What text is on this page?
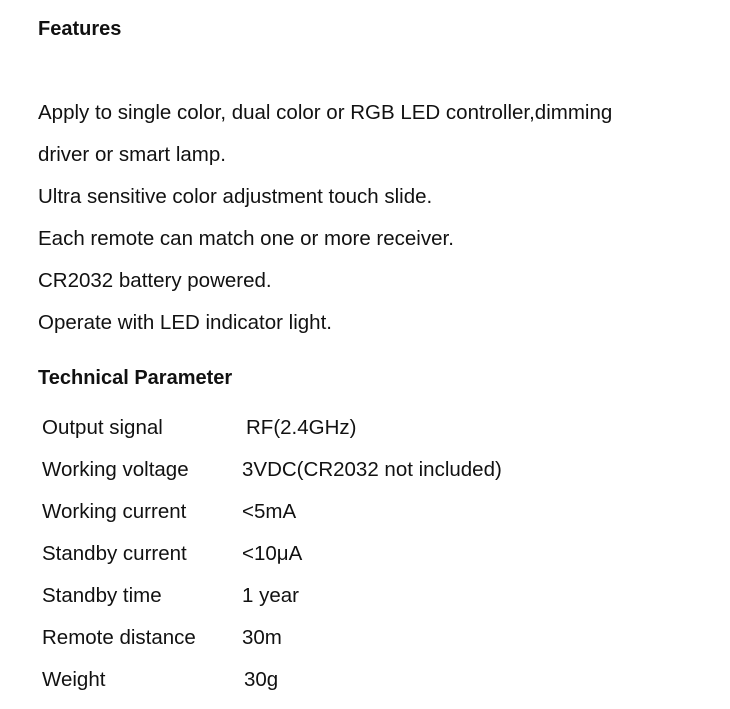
Features
Apply to single color, dual color or RGB LED controller,dimming
driver or smart lamp.
Ultra sensitive color adjustment touch slide.
Each remote can match one or more receiver.
CR2032 battery powered.
Operate with LED indicator light.
Technical Parameter
Output signal	RF(2.4GHz)
Working voltage	3VDC(CR2032 not included)
Working current	<5mA
Standby current	<10μA
Standby time	1 year
Remote distance	30m
Weight	30g
